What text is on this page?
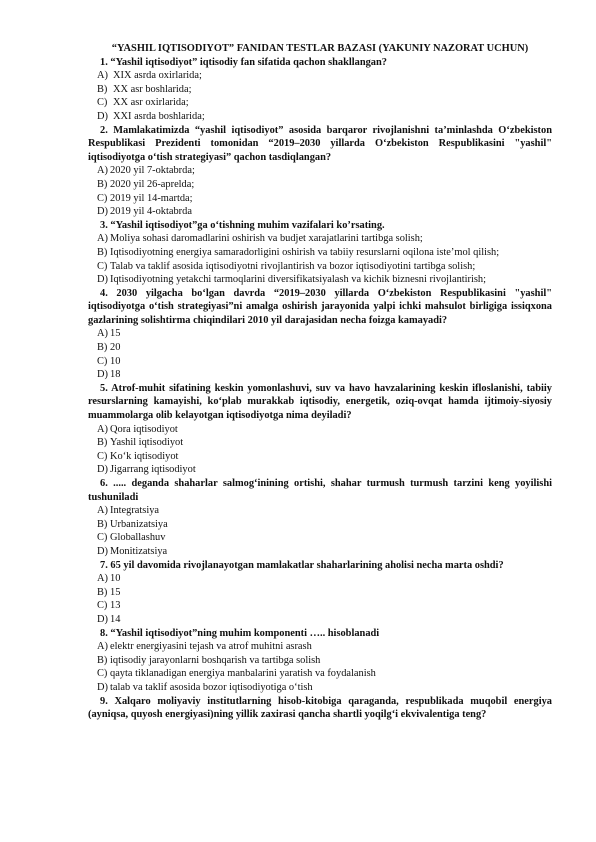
“YASHIL IQTISODIYOT” FANIDAN TESTLAR BAZASI (YAKUNIY NAZORAT UCHUN)
1. “Yashil iqtisodiyot” iqtisodiy fan sifatida qachon shakllangan?
A) XIX asrda oxirlarida;
B) XX asr boshlarida;
C) XX asr oxirlarida;
D) XXI asrda boshlarida;
2. Mamlakatimizda “yashil iqtisodiyot” asosida barqaror rivojlanishni ta’minlashda O‘zbekiston Respublikasi Prezidenti tomonidan “2019–2030 yillarda O‘zbekiston Respublikasini "yashil" iqtisodiyotga o‘tish strategiyasi” qachon tasdiqlangan?
A) 2020 yil 7-oktabrda;
B) 2020 yil 26-aprelda;
C) 2019 yil 14-martda;
D) 2019 yil 4-oktabrda
3. “Yashil iqtisodiyot”ga o‘tishning muhim vazifalari ko’rsating.
A) Moliya sohasi daromadlarini oshirish va budjet xarajatlarini tartibga solish;
B) Iqtisodiyotning energiya samaradorligini oshirish va tabiiy resurslarni oqilona iste’mol qilish;
C) Talab va taklif asosida iqtisodiyotni rivojlantirish va bozor iqtisodiyotini tartibga solish;
D) Iqtisodiyotning yetakchi tarmoqlarini diversifikatsiyalash va kichik biznesni rivojlantirish;
4. 2030 yilgacha bo‘lgan davrda “2019–2030 yillarda O‘zbekiston Respublikasini "yashil" iqtisodiyotga o‘tish strategiyasi”ni amalga oshirish jarayonida yalpi ichki mahsulot birligiga issiqxona gazlarining solishtirma chiqindilari 2010 yil darajasidan necha foizga kamayadi?
A) 15
B) 20
C) 10
D) 18
5. Atrof-muhit sifatining keskin yomonlashuvi, suv va havo havzalarining keskin ifloslanishi, tabiiy resurslarning kamayishi, ko‘plab murakkab iqtisodiy, energetik, oziq-ovqat hamda ijtimoiy-siyosiy muammolarga olib kelayotgan iqtisodiyotga nima deyiladi?
A) Qora iqtisodiyot
B) Yashil iqtisodiyot
C) Ko‘k iqtisodiyot
D) Jigarrang iqtisodiyot
6. ..... deganda shaharlar salmog‘inining ortishi, shahar turmush turmush tarzini keng yoyilishi tushuniladi
A) Integratsiya
B) Urbanizatsiya
C) Globallashuv
D) Monitizatsiya
7. 65 yil davomida rivojlanayotgan mamlakatlar shaharlarining aholisi necha marta oshdi?
A) 10
B) 15
C) 13
D) 14
8. “Yashil iqtisodiyot”ning muhim komponenti ….. hisoblanadi
A) elektr energiyasini tejash va atrof muhitni asrash
B) iqtisodiy jarayonlarni boshqarish va tartibga solish
C) qayta tiklanadigan energiya manbalarini yaratish va foydalanish
D) talab va taklif asosida bozor iqtisodiyotiga o‘tish
9. Xalqaro moliyaviy institutlarning hisob-kitobiga qaraganda, respublikada muqobil energiya (ayniqsa, quyosh energiyasi)ning yillik zaxirasi qancha shartli yoqilg‘i ekvivalentiga teng?
